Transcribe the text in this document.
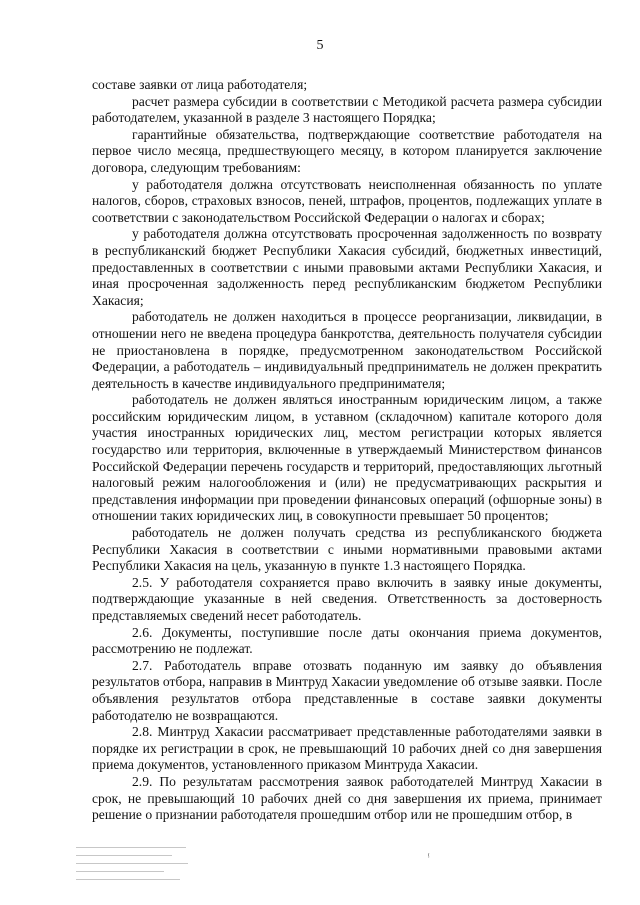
5

составе заявки от лица работодателя;

расчет размера субсидии в соответствии с Методикой расчета размера субсидии работодателем, указанной в разделе 3 настоящего Порядка;

гарантийные обязательства, подтверждающие соответствие работодателя на первое число месяца, предшествующего месяцу, в котором планируется заключение договора, следующим требованиям:

у работодателя должна отсутствовать неисполненная обязанность по уплате налогов, сборов, страховых взносов, пеней, штрафов, процентов, подлежащих уплате в соответствии с законодательством Российской Федерации о налогах и сборах;

у работодателя должна отсутствовать просроченная задолженность по возврату в республиканский бюджет Республики Хакасия субсидий, бюджетных инвестиций, предоставленных в соответствии с иными правовыми актами Республики Хакасия, и иная просроченная задолженность перед республиканским бюджетом Республики Хакасия;

работодатель не должен находиться в процессе реорганизации, ликвидации, в отношении него не введена процедура банкротства, деятельность получателя субсидии не приостановлена в порядке, предусмотренном законодательством Российской Федерации, а работодатель – индивидуальный предприниматель не должен прекратить деятельность в качестве индивидуального предпринимателя;

работодатель не должен являться иностранным юридическим лицом, а также российским юридическим лицом, в уставном (складочном) капитале которого доля участия иностранных юридических лиц, местом регистрации которых является государство или территория, включенные в утверждаемый Министерством финансов Российской Федерации перечень государств и территорий, предоставляющих льготный налоговый режим налогообложения и (или) не предусматривающих раскрытия и представления информации при проведении финансовых операций (офшорные зоны) в отношении таких юридических лиц, в совокупности превышает 50 процентов;

работодатель не должен получать средства из республиканского бюджета Республики Хакасия в соответствии с иными нормативными правовыми актами Республики Хакасия на цель, указанную в пункте 1.3 настоящего Порядка.

2.5. У работодателя сохраняется право включить в заявку иные документы, подтверждающие указанные в ней сведения. Ответственность за достоверность представляемых сведений несет работодатель.

2.6. Документы, поступившие после даты окончания приема документов, рассмотрению не подлежат.

2.7. Работодатель вправе отозвать поданную им заявку до объявления результатов отбора, направив в Минтруд Хакасии уведомление об отзыве заявки. После объявления результатов отбора представленные в составе заявки документы работодателю не возвращаются.

2.8. Минтруд Хакасии рассматривает представленные работодателями заявки в порядке их регистрации в срок, не превышающий 10 рабочих дней со дня завершения приема документов, установленного приказом Минтруда Хакасии.

2.9. По результатам рассмотрения заявок работодателей Минтруд Хакасии в срок, не превышающий 10 рабочих дней со дня завершения их приема, принимает решение о признании работодателя прошедшим отбор или не прошедшим отбор, в

ᵎ
